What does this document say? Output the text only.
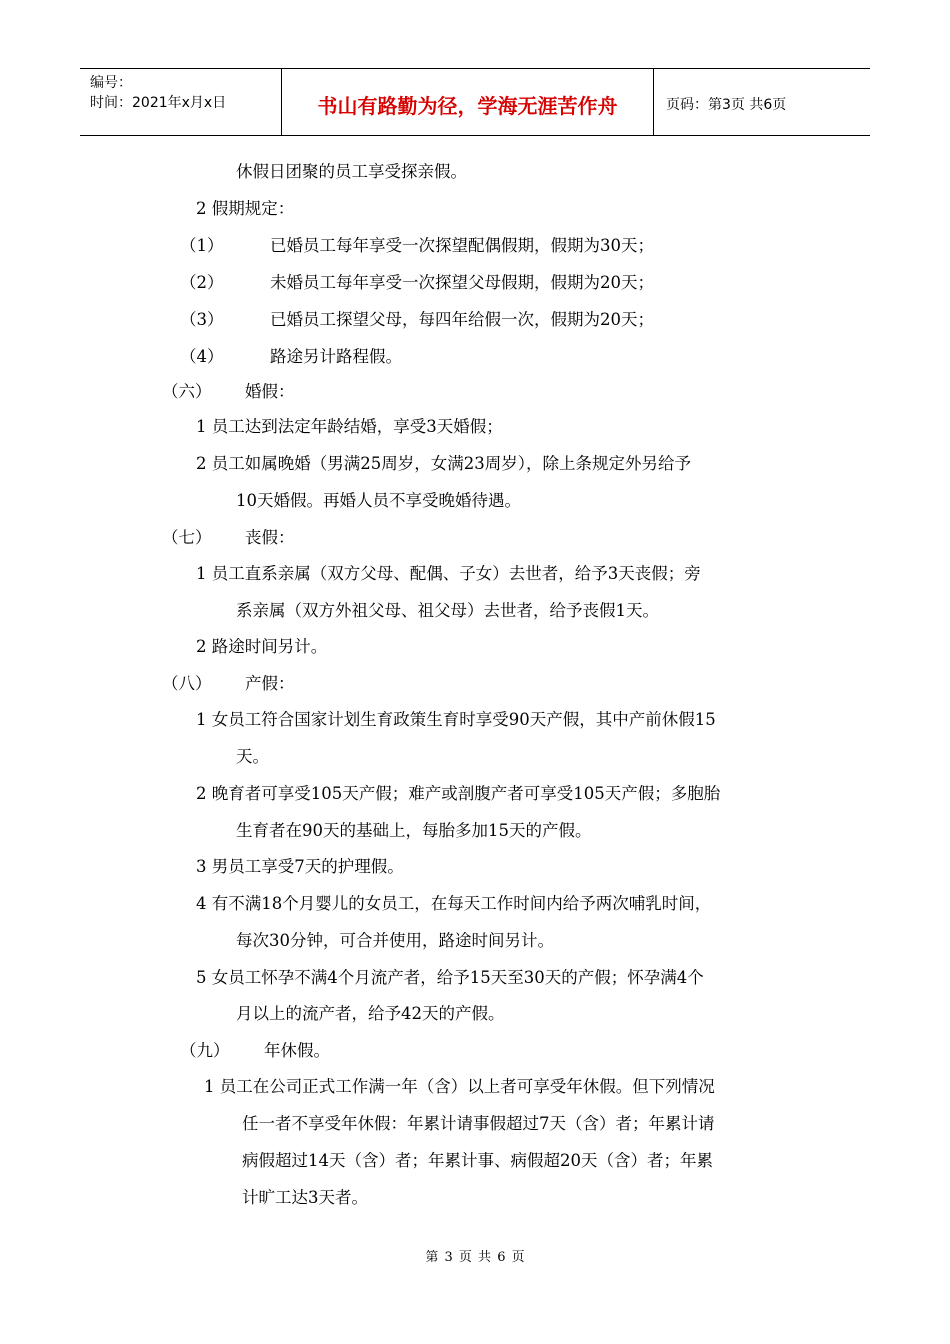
编号：
时间：2021年x月x日	书山有路勤为径，学海无涯苦作舟	页码：第3页 共6页
休假日团聚的员工享受探亲假。
2 假期规定：
（1）	已婚员工每年享受一次探望配偶假期，假期为30天；
（2）	未婚员工每年享受一次探望父母假期，假期为20天；
（3）	已婚员工探望父母，每四年给假一次，假期为20天；
（4）	路途另计路程假。
（六） 婚假：
1 员工达到法定年龄结婚，享受3天婚假；
2 员工如属晚婚（男满25周岁，女满23周岁），除上条规定外另给予
10天婚假。再婚人员不享受晚婚待遇。
（七） 丧假：
1 员工直系亲属（双方父母、配偶、子女）去世者，给予3天丧假；旁
系亲属（双方外祖父母、祖父母）去世者，给予丧假1天。
2 路途时间另计。
（八） 产假：
1 女员工符合国家计划生育政策生育时享受90天产假，其中产前休假15
天。
2 晚育者可享受105天产假；难产或剖腹产者可享受105天产假；多胞胎
生育者在90天的基础上，每胎多加15天的产假。
3 男员工享受7天的护理假。
4 有不满18个月婴儿的女员工，在每天工作时间内给予两次哺乳时间，
每次30分钟，可合并使用，路途时间另计。
5 女员工怀孕不满4个月流产者，给予15天至30天的产假；怀孕满4个
月以上的流产者，给予42天的产假。
（九） 年休假。
1 员工在公司正式工作满一年（含）以上者可享受年休假。但下列情况
任一者不享受年休假：年累计请事假超过7天（含）者；年累计请
病假超过14天（含）者；年累计事、病假超20天（含）者；年累
计旷工达3天者。
第 3 页 共 6 页
